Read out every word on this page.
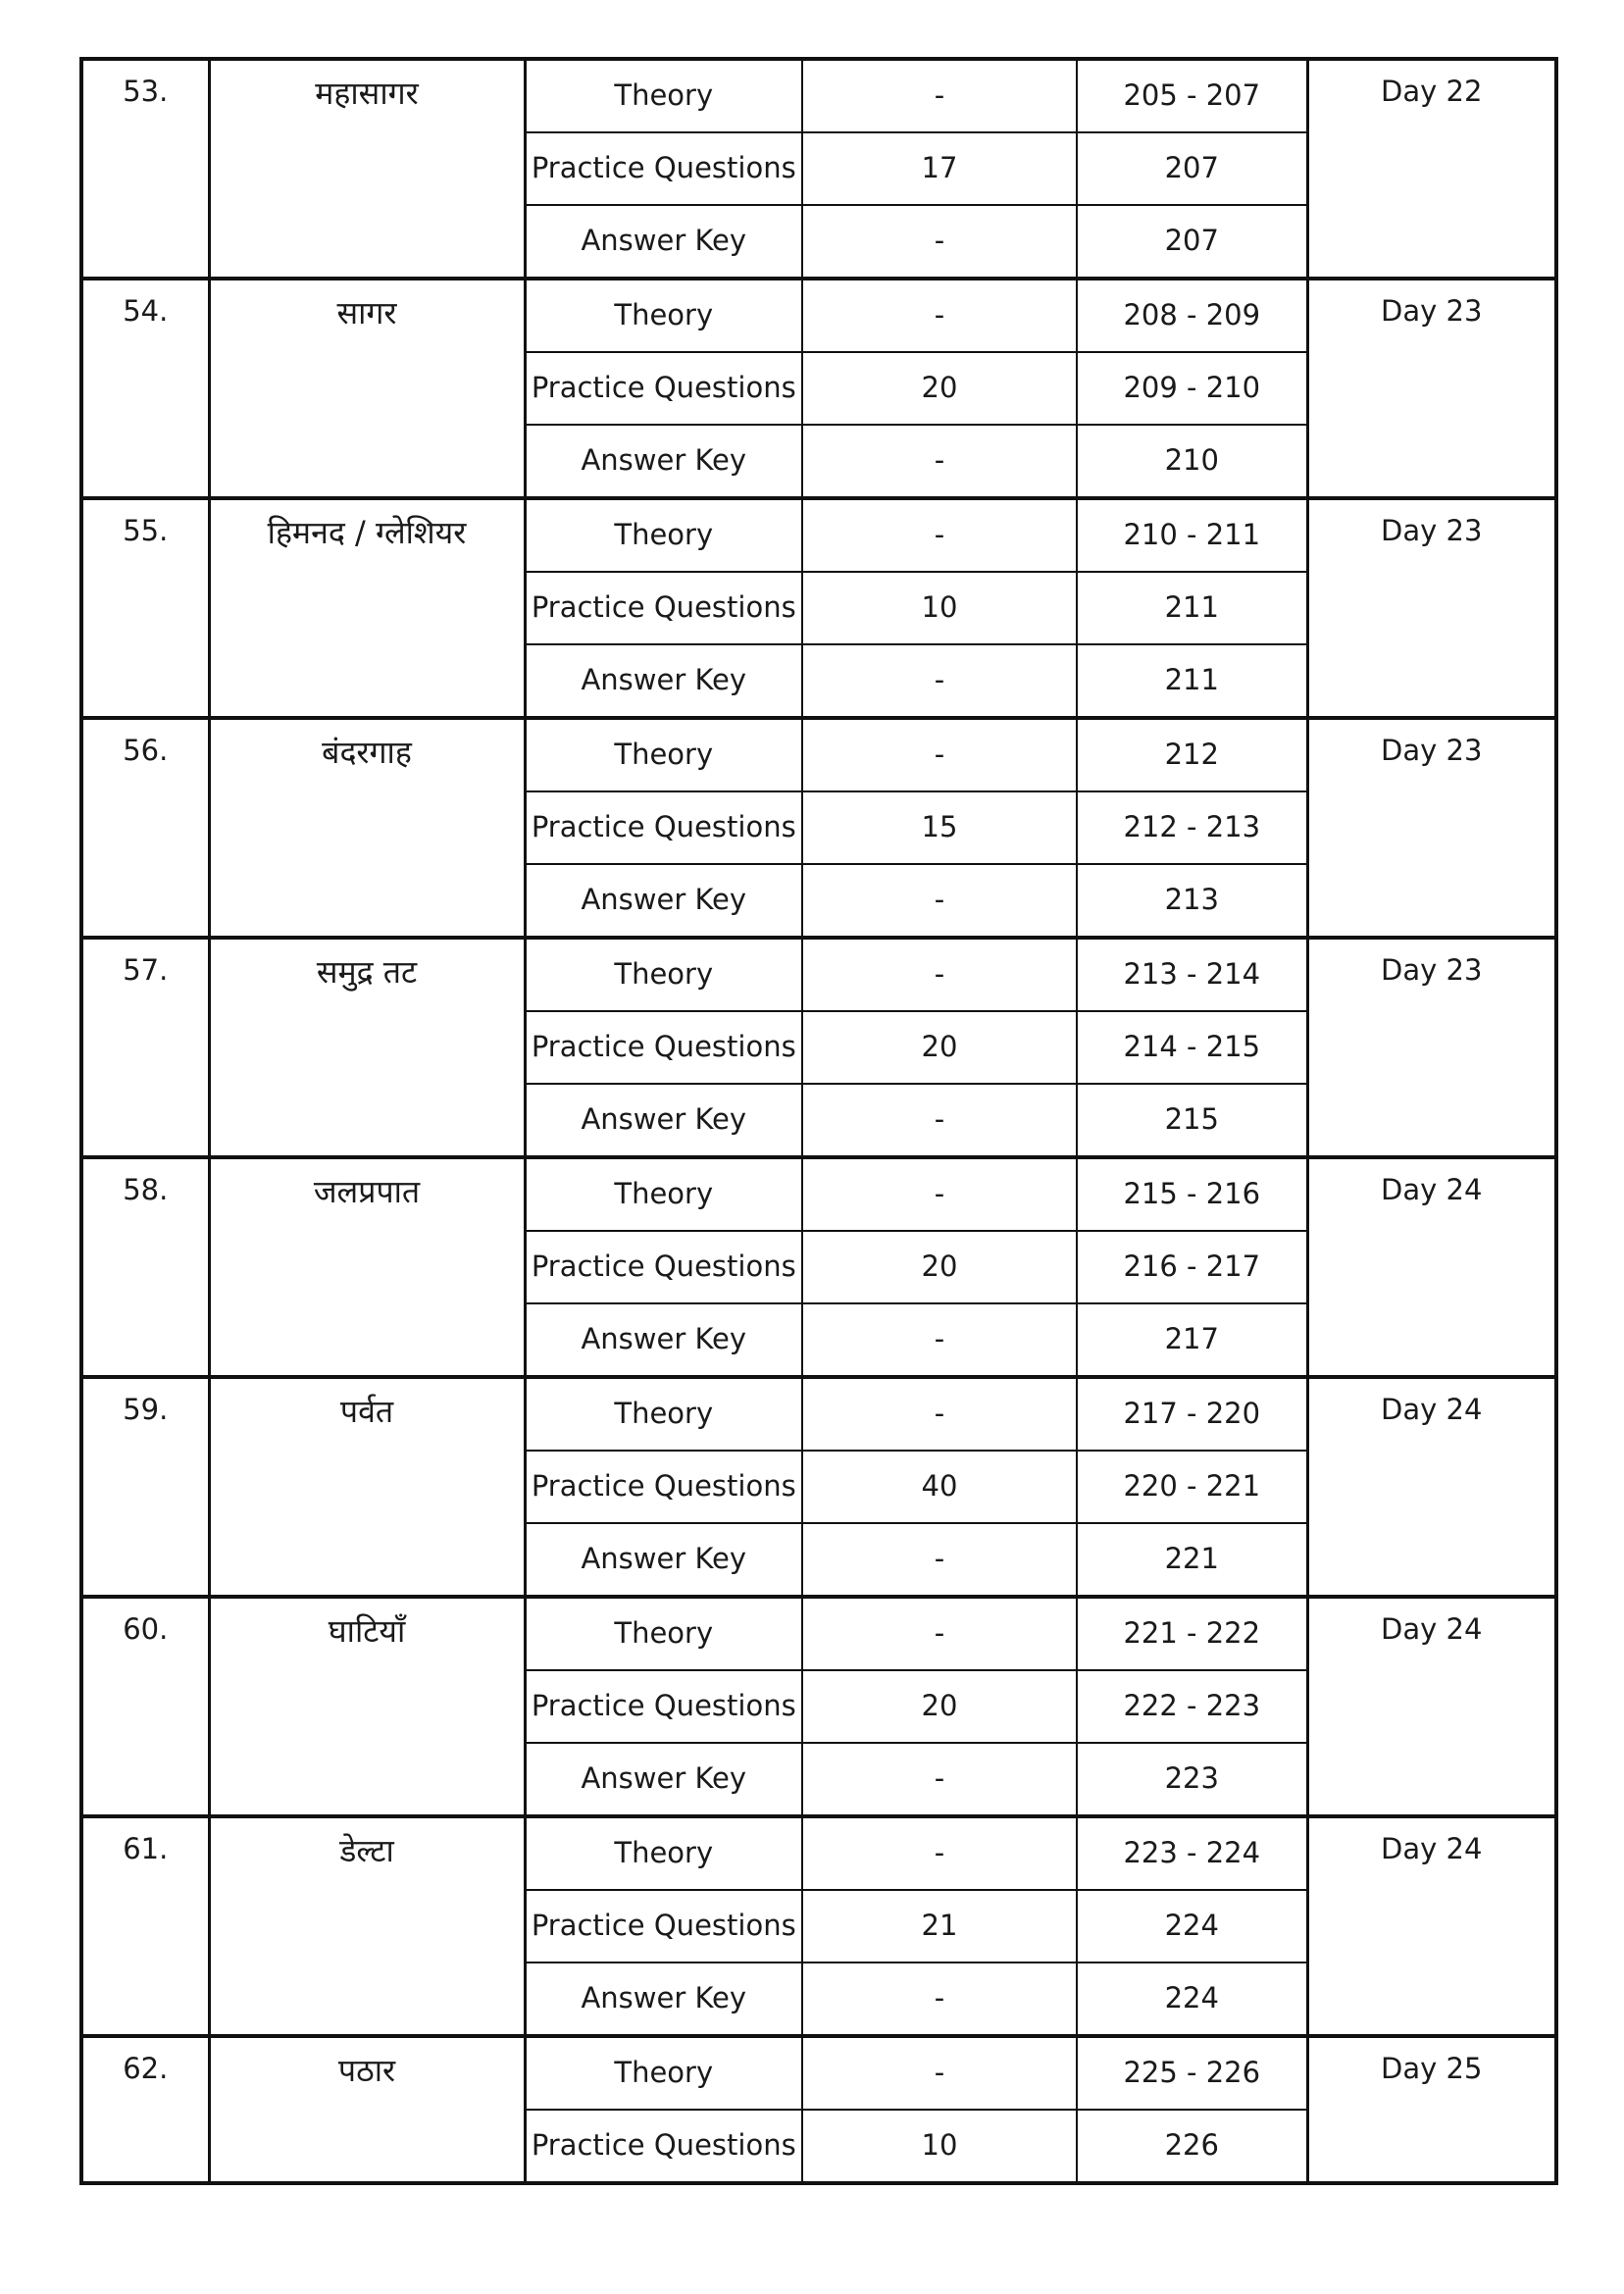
53.	महासागर	Theory	-	205 - 207	Day 22
		Practice Questions	17	207	
		Answer Key	-	207	
54.	सागर	Theory	-	208 - 209	Day 23
		Practice Questions	20	209 - 210	
		Answer Key	-	210	
55.	हिमनद / ग्लेशियर	Theory	-	210 - 211	Day 23
		Practice Questions	10	211	
		Answer Key	-	211	
56.	बंदरगाह	Theory	-	212	Day 23
		Practice Questions	15	212 - 213	
		Answer Key	-	213	
57.	समुद्र तट	Theory	-	213 - 214	Day 23
		Practice Questions	20	214 - 215	
		Answer Key	-	215	
58.	जलप्रपात	Theory	-	215 - 216	Day 24
		Practice Questions	20	216 - 217	
		Answer Key	-	217	
59.	पर्वत	Theory	-	217 - 220	Day 24
		Practice Questions	40	220 - 221	
		Answer Key	-	221	
60.	घाटियाँ	Theory	-	221 - 222	Day 24
		Practice Questions	20	222 - 223	
		Answer Key	-	223	
61.	डेल्टा	Theory	-	223 - 224	Day 24
		Practice Questions	21	224	
		Answer Key	-	224	
62.	पठार	Theory	-	225 - 226	Day 25
		Practice Questions	10	226	
